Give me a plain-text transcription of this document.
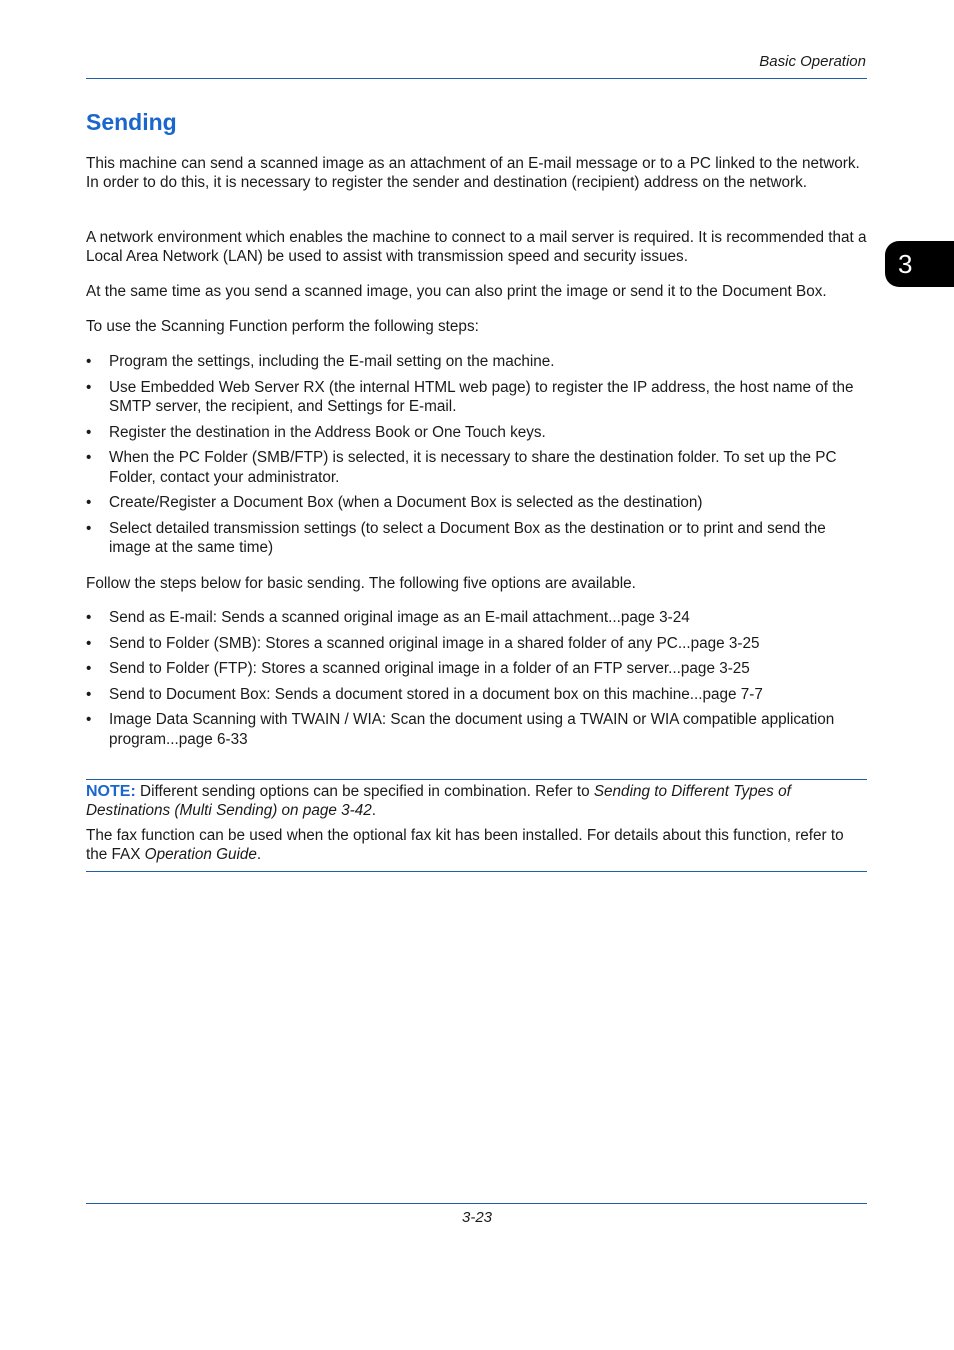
Basic Operation
Sending
3

This machine can send a scanned image as an attachment of an E-mail message or to a PC linked to the network. In order to do this, it is necessary to register the sender and destination (recipient) address on the network.

A network environment which enables the machine to connect to a mail server is required. It is recommended that a Local Area Network (LAN) be used to assist with transmission speed and security issues.

At the same time as you send a scanned image, you can also print the image or send it to the Document Box.

To use the Scanning Function perform the following steps:

• Program the settings, including the E-mail setting on the machine.
• Use Embedded Web Server RX (the internal HTML web page) to register the IP address, the host name of the SMTP server, the recipient, and Settings for E-mail.
• Register the destination in the Address Book or One Touch keys.
• When the PC Folder (SMB/FTP) is selected, it is necessary to share the destination folder. To set up the PC Folder, contact your administrator.
• Create/Register a Document Box (when a Document Box is selected as the destination)
• Select detailed transmission settings (to select a Document Box as the destination or to print and send the image at the same time)

Follow the steps below for basic sending. The following five options are available.

• Send as E-mail: Sends a scanned original image as an E-mail attachment...page 3-24
• Send to Folder (SMB): Stores a scanned original image in a shared folder of any PC...page 3-25
• Send to Folder (FTP): Stores a scanned original image in a folder of an FTP server...page 3-25
• Send to Document Box: Sends a document stored in a document box on this machine...page 7-7
• Image Data Scanning with TWAIN / WIA: Scan the document using a TWAIN or WIA compatible application program...page 6-33

NOTE: Different sending options can be specified in combination. Refer to Sending to Different Types of Destinations (Multi Sending) on page 3-42.

The fax function can be used when the optional fax kit has been installed. For details about this function, refer to the FAX Operation Guide.

3-23
